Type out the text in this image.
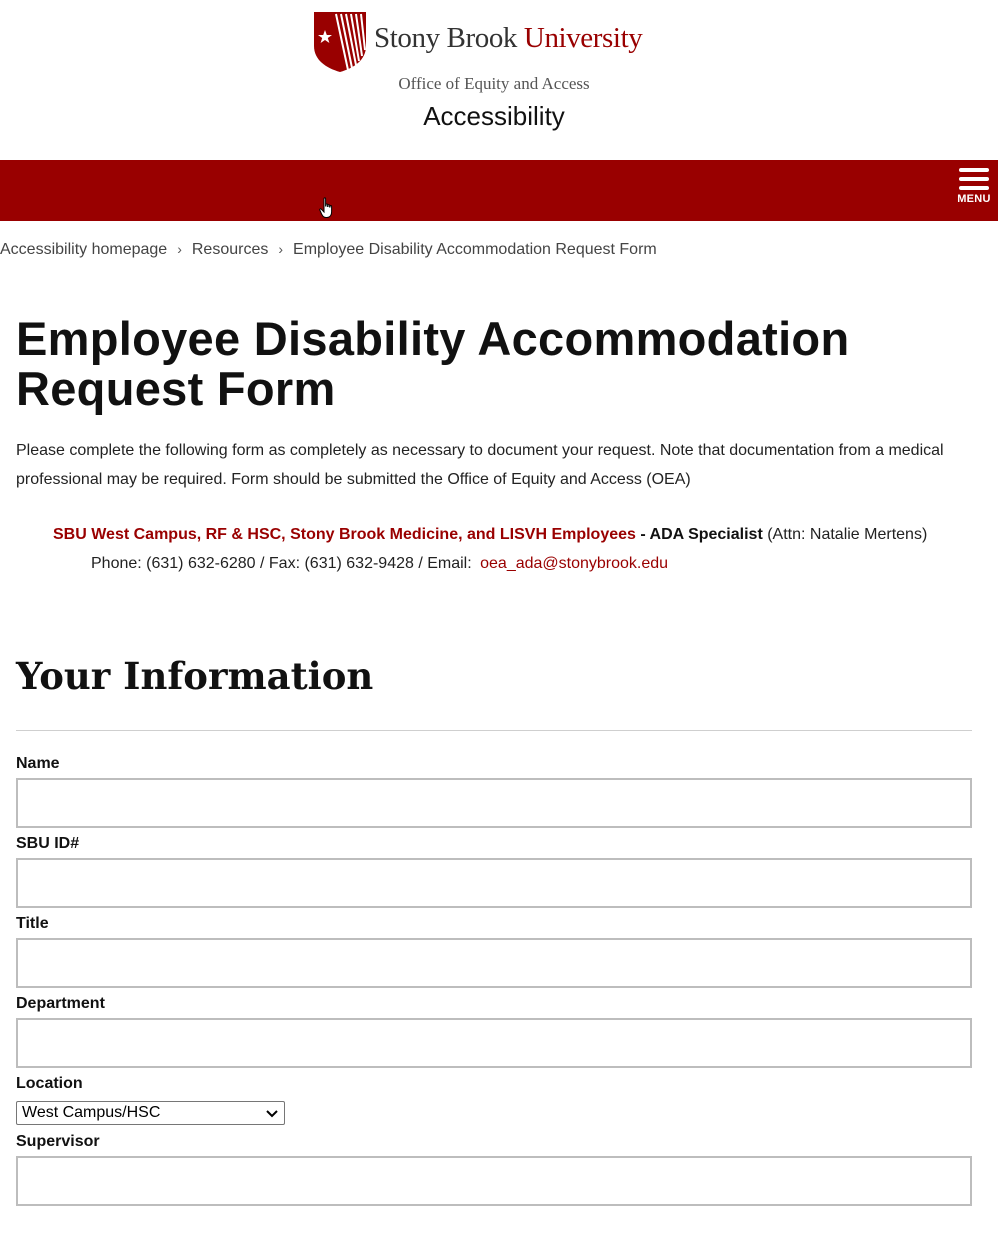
Stony Brook University
Office of Equity and Access
Accessibility
MENU
Accessibility homepage › Resources › Employee Disability Accommodation Request Form
Employee Disability Accommodation
Request Form

Please complete the following form as completely as necessary to document your request. Note that documentation from a medical professional may be required. Form should be submitted the Office of Equity and Access (OEA)

SBU West Campus, RF & HSC, Stony Brook Medicine, and LISVH Employees - ADA Specialist (Attn: Natalie Mertens)
Phone: (631) 632-6280 / Fax: (631) 632-9428 / Email: oea_ada@stonybrook.edu
Your Information
Name
SBU ID#
Title
Department
Location
West Campus/HSC
Supervisor
